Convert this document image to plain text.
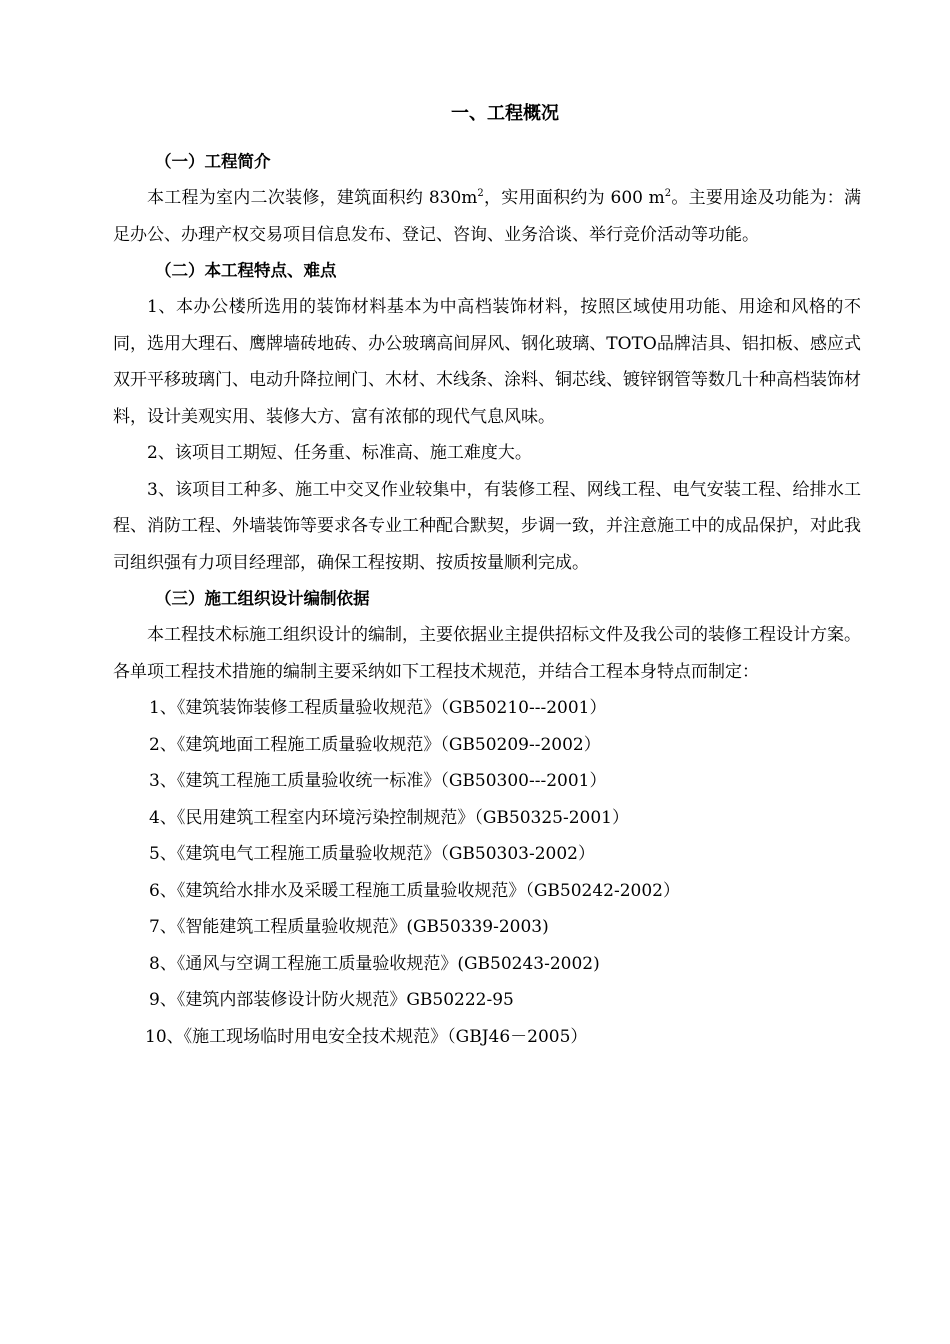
一、工程概况
（一）工程简介

本工程为室内二次装修，建筑面积约 $830m^2$，实用面积约为 600 $m^2$。主要用途及功能为：满足办公、办理产权交易项目信息发布、登记、咨询、业务洽谈、举行竞价活动等功能。

（二）本工程特点、难点

1、本办公楼所选用的装饰材料基本为中高档装饰材料，按照区域使用功能、用途和风格的不同，选用大理石、鹰牌墙砖地砖、办公玻璃高间屏风、钢化玻璃、TOTO品牌洁具、铝扣板、感应式双开平移玻璃门、电动升降拉闸门、木材、木线条、涂料、铜芯线、镀锌钢管等数几十种高档装饰材料，设计美观实用、装修大方、富有浓郁的现代气息风味。

2、该项目工期短、任务重、标准高、施工难度大。

3、该项目工种多、施工中交叉作业较集中，有装修工程、网线工程、电气安装工程、给排水工程、消防工程、外墙装饰等要求各专业工种配合默契，步调一致，并注意施工中的成品保护，对此我司组织强有力项目经理部，确保工程按期、按质按量顺利完成。

（三）施工组织设计编制依据

本工程技术标施工组织设计的编制，主要依据业主提供招标文件及我公司的装修工程设计方案。各单项工程技术措施的编制主要采纳如下工程技术规范，并结合工程本身特点而制定：

1、《建筑装饰装修工程质量验收规范》（GB50210---2001）
2、《建筑地面工程施工质量验收规范》（GB50209--2002）
3、《建筑工程施工质量验收统一标准》（GB50300---2001）
4、《民用建筑工程室内环境污染控制规范》（GB50325-2001）
5、《建筑电气工程施工质量验收规范》（GB50303-2002）
6、《建筑给水排水及采暖工程施工质量验收规范》（GB50242-2002）
7、《智能建筑工程质量验收规范》(GB50339-2003)
8、《通风与空调工程施工质量验收规范》(GB50243-2002)
9、《建筑内部装修设计防火规范》GB50222-95
10、《施工现场临时用电安全技术规范》（GBJ46－2005）
